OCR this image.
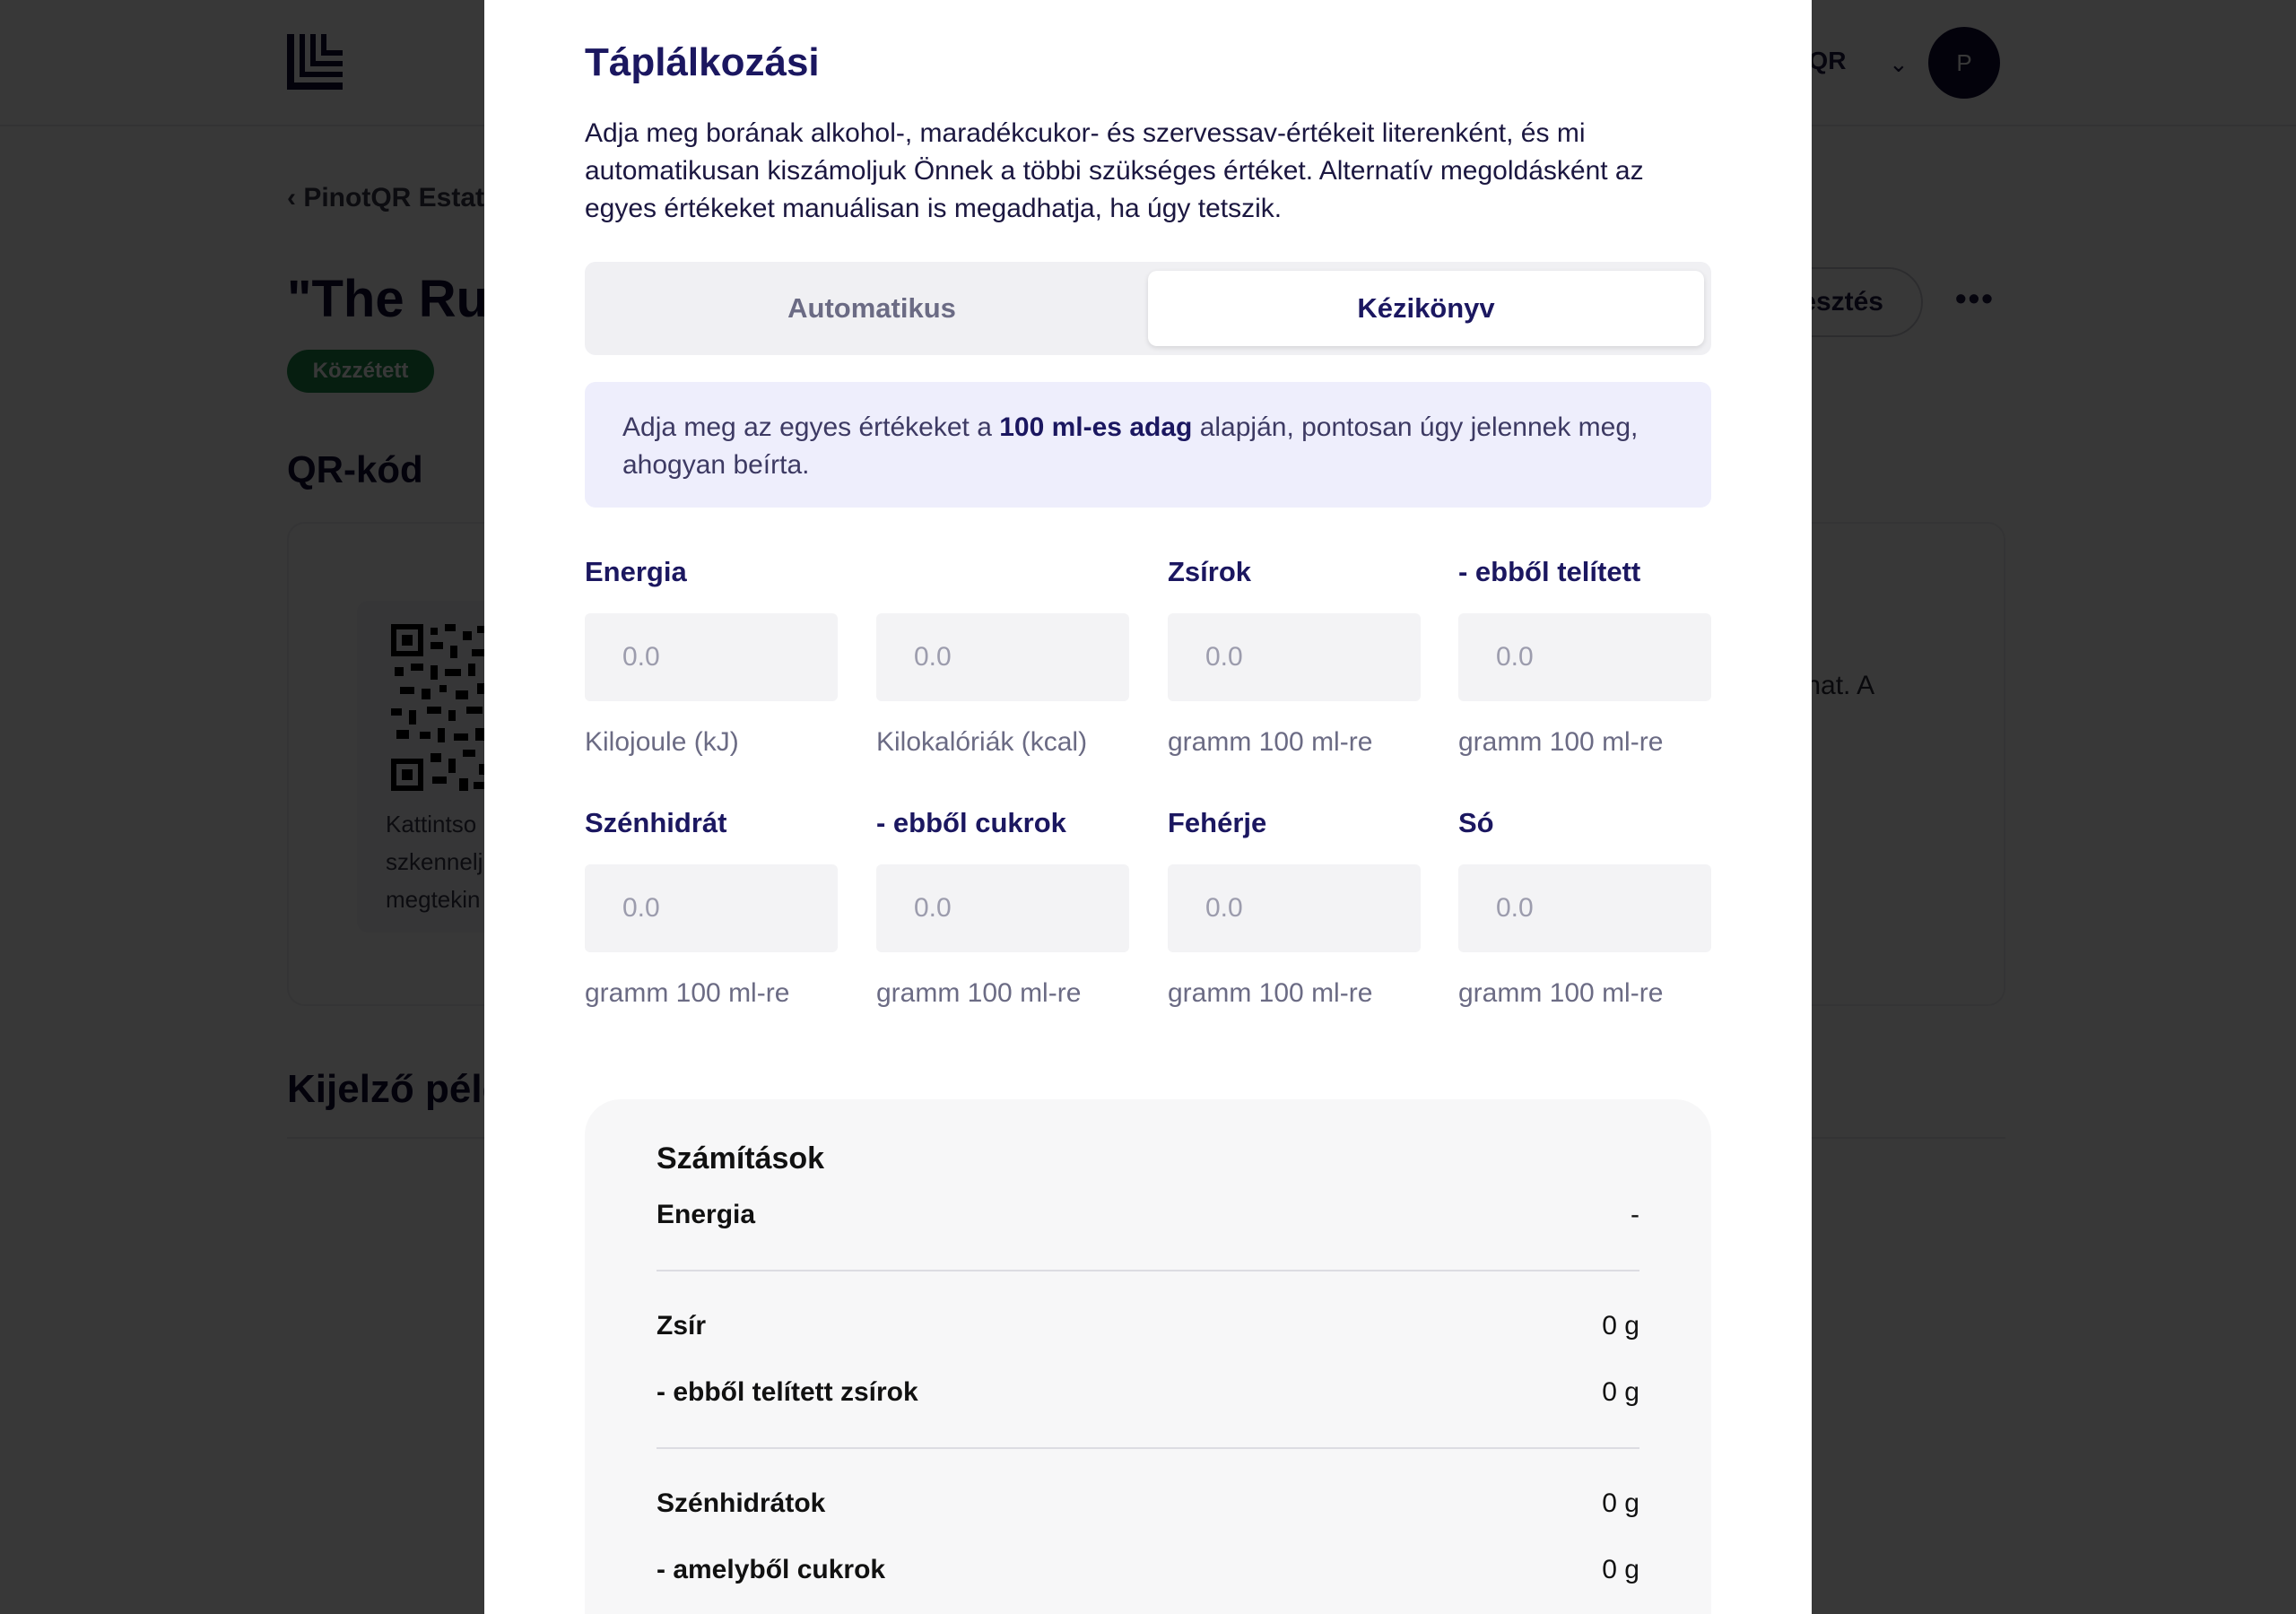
Táplálkozási
Adja meg borának alkohol-, maradékcukor- és szervessav-értékeit literenként, és mi automatikusan kiszámoljuk Önnek a többi szükséges értéket. Alternatív megoldásként az egyes értékeket manuálisan is megadhatja, ha úgy tetszik.
Automatikus	Kézikönyv
Adja meg az egyes értékeket a 100 ml-es adag alapján, pontosan úgy jelennek meg, ahogyan beírta.
Energia
0.0
Kilojoule (kJ)
0.0	Kilokalóriák (kcal)
Zsírok
0.0
gramm 100 ml-re
- ebből telített
0.0
gramm 100 ml-re
Szénhidrát
0.0
gramm 100 ml-re
- ebből cukrok
0.0
gramm 100 ml-re
Fehérje
0.0
gramm 100 ml-re
Só
0.0
gramm 100 ml-re
Számítások
Energia	-
Zsír	0 g
- ebből telített zsírok	0 g
Szénhidrátok	0 g
- amelyből cukrok	0 g
